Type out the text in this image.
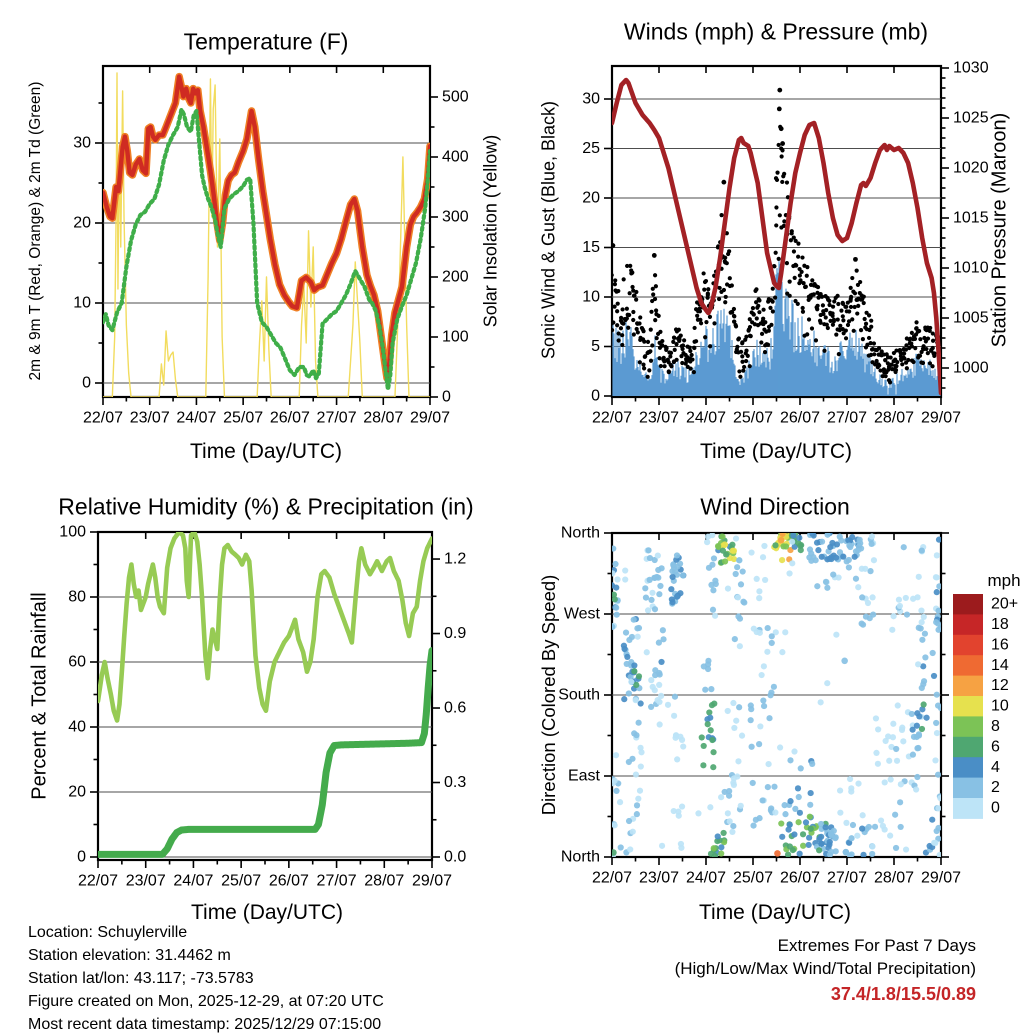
Temperature (F)	Winds (mph) & Pressure (mb)
Relative Humidity (%) & Precipitation (in)	Wind Direction
Time (Day/UTC)	Time (Day/UTC)
Time (Day/UTC)	Time (Day/UTC)
2m & 9m T (Red, Orange) & 2m Td (Green)	Solar Insolation (Yellow) Sonic Wind & Gust (Blue, Black)	Station Pressure (Maroon)
Percent & Total Rainfall	Direction (Colored By Speed)	mph
Location: Schuylerville
Station elevation: 31.4462 m
Station lat/lon: 43.117; -73.5783
Figure created on Mon, 2025-12-29, at 07:20 UTC
Most recent data timestamp: 2025/12/29 07:15:00
Extremes For Past 7 Days
(High/Low/Max Wind/Total Precipitation)
37.4/1.8/15.5/0.89
